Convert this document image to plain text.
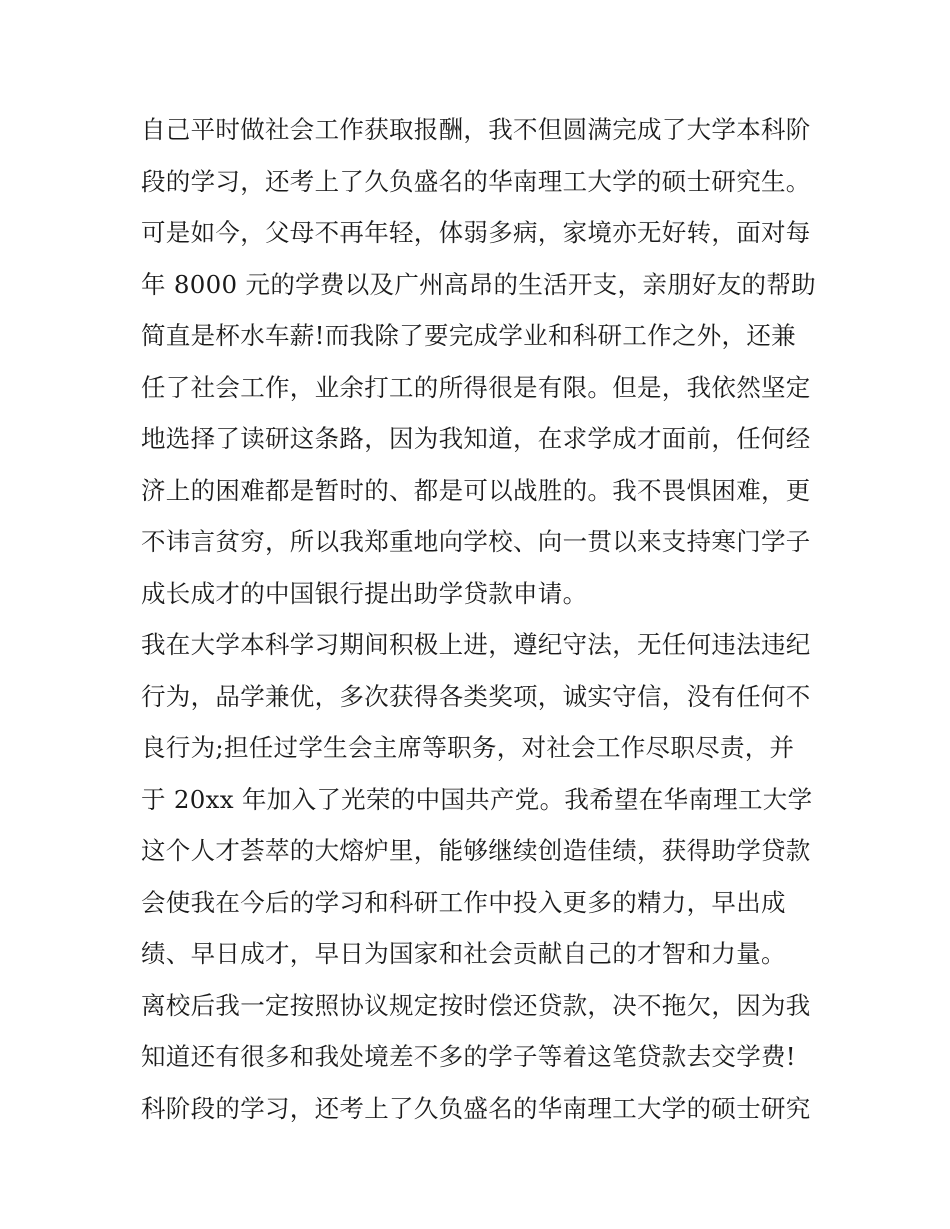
自己平时做社会工作获取报酬，我不但圆满完成了大学本科阶
段的学习，还考上了久负盛名的华南理工大学的硕士研究生。
可是如今，父母不再年轻，体弱多病，家境亦无好转，面对每
年 8000 元的学费以及广州高昂的生活开支，亲朋好友的帮助
简直是杯水车薪!而我除了要完成学业和科研工作之外，还兼
任了社会工作，业余打工的所得很是有限。但是，我依然坚定
地选择了读研这条路，因为我知道，在求学成才面前，任何经
济上的困难都是暂时的、都是可以战胜的。我不畏惧困难，更
不讳言贫穷，所以我郑重地向学校、向一贯以来支持寒门学子
成长成才的中国银行提出助学贷款申请。
我在大学本科学习期间积极上进，遵纪守法，无任何违法违纪
行为，品学兼优，多次获得各类奖项，诚实守信，没有任何不
良行为;担任过学生会主席等职务，对社会工作尽职尽责，并
于 20xx 年加入了光荣的中国共产党。我希望在华南理工大学
这个人才荟萃的大熔炉里，能够继续创造佳绩，获得助学贷款
会使我在今后的学习和科研工作中投入更多的精力，早出成
绩、早日成才，早日为国家和社会贡献自己的才智和力量。
离校后我一定按照协议规定按时偿还贷款，决不拖欠，因为我
知道还有很多和我处境差不多的学子等着这笔贷款去交学费!
科阶段的学习，还考上了久负盛名的华南理工大学的硕士研究
